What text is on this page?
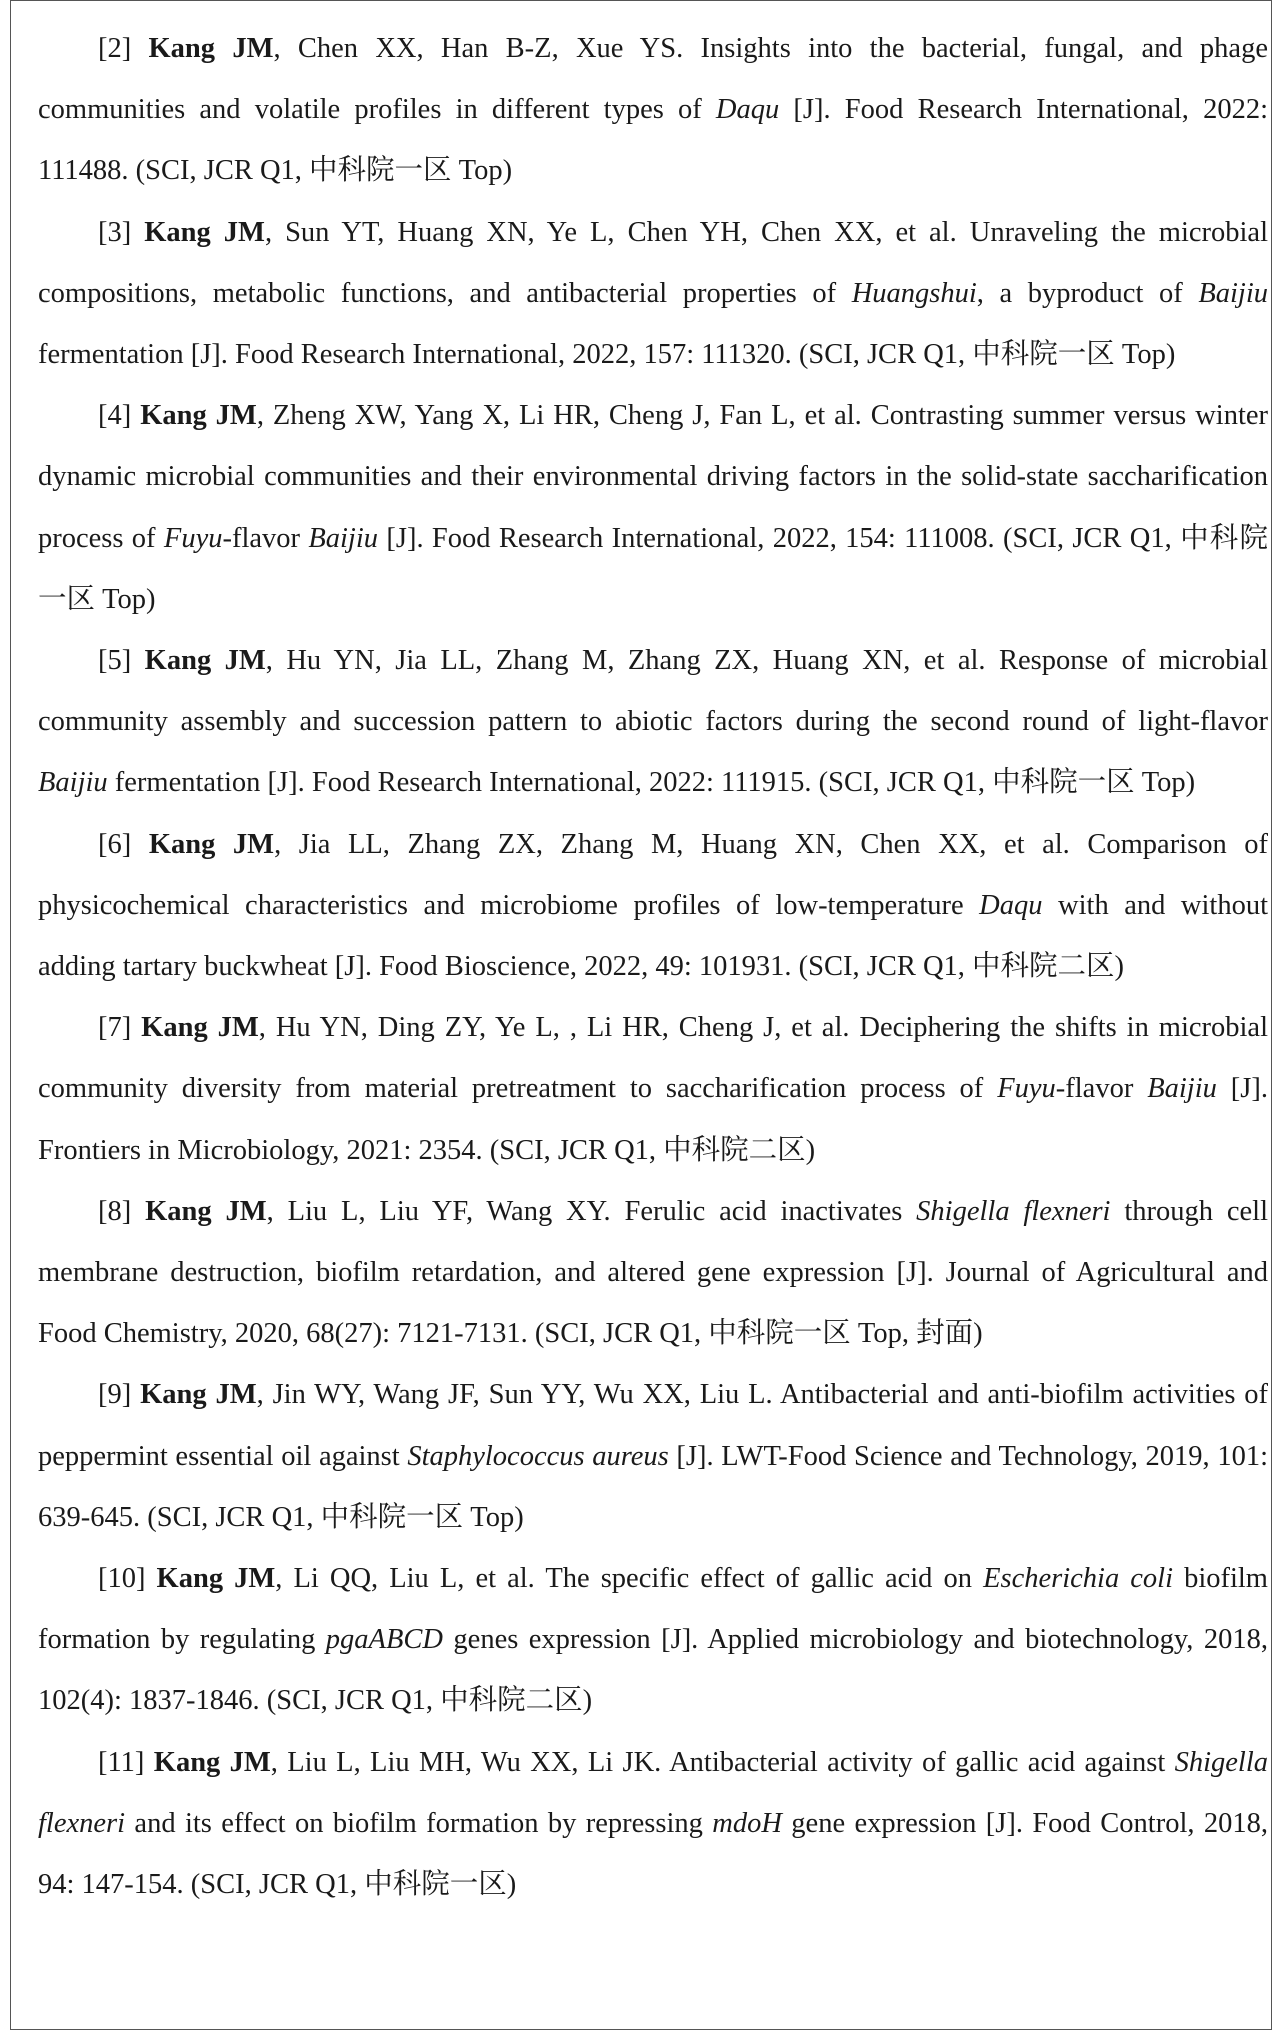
[2] Kang JM, Chen XX, Han B-Z, Xue YS. Insights into the bacterial, fungal, and phage communities and volatile profiles in different types of Daqu [J]. Food Research International, 2022: 111488. (SCI, JCR Q1, 中科院一区 Top)

[3] Kang JM, Sun YT, Huang XN, Ye L, Chen YH, Chen XX, et al. Unraveling the microbial compositions, metabolic functions, and antibacterial properties of Huangshui, a byproduct of Baijiu fermentation [J]. Food Research International, 2022, 157: 111320. (SCI, JCR Q1, 中科院一区 Top)

[4] Kang JM, Zheng XW, Yang X, Li HR, Cheng J, Fan L, et al. Contrasting summer versus winter dynamic microbial communities and their environmental driving factors in the solid-state saccharification process of Fuyu-flavor Baijiu [J]. Food Research International, 2022, 154: 111008. (SCI, JCR Q1, 中科院一区 Top)

[5] Kang JM, Hu YN, Jia LL, Zhang M, Zhang ZX, Huang XN, et al. Response of microbial community assembly and succession pattern to abiotic factors during the second round of light-flavor Baijiu fermentation [J]. Food Research International, 2022: 111915. (SCI, JCR Q1, 中科院一区 Top)

[6] Kang JM, Jia LL, Zhang ZX, Zhang M, Huang XN, Chen XX, et al. Comparison of physicochemical characteristics and microbiome profiles of low-temperature Daqu with and without adding tartary buckwheat [J]. Food Bioscience, 2022, 49: 101931. (SCI, JCR Q1, 中科院二区)

[7] Kang JM, Hu YN, Ding ZY, Ye L, , Li HR, Cheng J, et al. Deciphering the shifts in microbial community diversity from material pretreatment to saccharification process of Fuyu-flavor Baijiu [J]. Frontiers in Microbiology, 2021: 2354. (SCI, JCR Q1, 中科院二区)

[8] Kang JM, Liu L, Liu YF, Wang XY. Ferulic acid inactivates Shigella flexneri through cell membrane destruction, biofilm retardation, and altered gene expression [J]. Journal of Agricultural and Food Chemistry, 2020, 68(27): 7121-7131. (SCI, JCR Q1, 中科院一区 Top, 封面)

[9] Kang JM, Jin WY, Wang JF, Sun YY, Wu XX, Liu L. Antibacterial and anti-biofilm activities of peppermint essential oil against Staphylococcus aureus [J]. LWT-Food Science and Technology, 2019, 101: 639-645. (SCI, JCR Q1, 中科院一区 Top)

[10] Kang JM, Li QQ, Liu L, et al. The specific effect of gallic acid on Escherichia coli biofilm formation by regulating pgaABCD genes expression [J]. Applied microbiology and biotechnology, 2018, 102(4): 1837-1846. (SCI, JCR Q1, 中科院二区)

[11] Kang JM, Liu L, Liu MH, Wu XX, Li JK. Antibacterial activity of gallic acid against Shigella flexneri and its effect on biofilm formation by repressing mdoH gene expression [J]. Food Control, 2018, 94: 147-154. (SCI, JCR Q1, 中科院一区)
